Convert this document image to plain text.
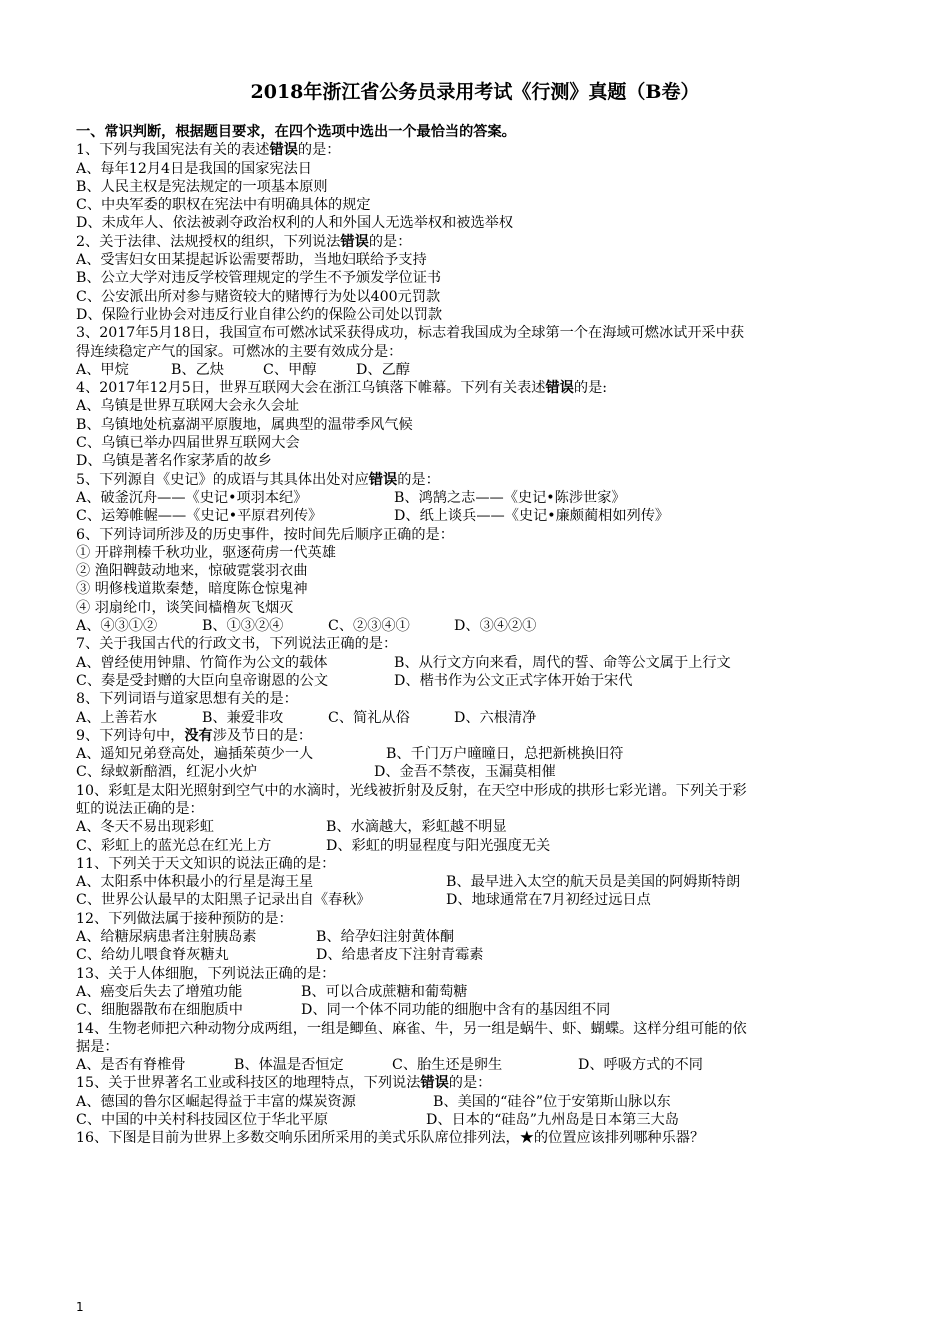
2018年浙江省公务员录用考试《行测》真题（B卷）
一、常识判断，根据题目要求，在四个选项中选出一个最恰当的答案。
1、下列与我国宪法有关的表述错误的是：
A、每年12月4日是我国的国家宪法日
B、人民主权是宪法规定的一项基本原则
C、中央军委的职权在宪法中有明确具体的规定
D、未成年人、依法被剥夺政治权利的人和外国人无选举权和被选举权
2、关于法律、法规授权的组织，下列说法错误的是：
A、受害妇女田某提起诉讼需要帮助，当地妇联给予支持
B、公立大学对违反学校管理规定的学生不予颁发学位证书
C、公安派出所对参与赌资较大的赌博行为处以400元罚款
D、保险行业协会对违反行业自律公约的保险公司处以罚款
3、2017年5月18日，我国宣布可燃冰试采获得成功，标志着我国成为全球第一个在海域可燃冰试开采中获
得连续稳定产气的国家。可燃冰的主要有效成分是：
A、甲烷	B、乙炔	C、甲醇	D、乙醇
4、2017年12月5日，世界互联网大会在浙江乌镇落下帷幕。下列有关表述错误的是:
A、乌镇是世界互联网大会永久会址
B、乌镇地处杭嘉湖平原腹地，属典型的温带季风气候
C、乌镇已举办四届世界互联网大会
D、乌镇是著名作家茅盾的故乡
5、下列源自《史记》的成语与其具体出处对应错误的是：
A、破釜沉舟——《史记•项羽本纪》	B、鸿鹄之志——《史记•陈涉世家》
C、运筹帷幄——《史记•平原君列传》	D、纸上谈兵——《史记•廉颇蔺相如列传》
6、下列诗词所涉及的历史事件，按时间先后顺序正确的是：
① 开辟荆榛千秋功业，驱逐荷虏一代英雄
② 渔阳鞞鼓动地来，惊破霓裳羽衣曲
③ 明修栈道欺秦楚，暗度陈仓惊鬼神
④ 羽扇纶巾，谈笑间樯橹灰飞烟灭
A、④③①②	B、①③②④	C、②③④①	D、③④②①
7、关于我国古代的行政文书，下列说法正确的是：
A、曾经使用钟鼎、竹简作为公文的载体	B、从行文方向来看，周代的誓、命等公文属于上行文
C、奏是受封赠的大臣向皇帝谢恩的公文	D、楷书作为公文正式字体开始于宋代
8、下列词语与道家思想有关的是：
A、上善若水	B、兼爱非攻	C、简礼从俗	D、六根清净
9、下列诗句中，没有涉及节日的是：
A、遥知兄弟登高处，遍插茱萸少一人	B、千门万户曈曈日，总把新桃换旧符
C、绿蚁新醅酒，红泥小火炉	D、金吾不禁夜，玉漏莫相催
10、彩虹是太阳光照射到空气中的水滴时，光线被折射及反射，在天空中形成的拱形七彩光谱。下列关于彩
虹的说法正确的是：
A、冬天不易出现彩虹	B、水滴越大，彩虹越不明显
C、彩虹上的蓝光总在红光上方	D、彩虹的明显程度与阳光强度无关
11、下列关于天文知识的说法正确的是：
A、太阳系中体积最小的行星是海王星	B、最早进入太空的航天员是美国的阿姆斯特朗
C、世界公认最早的太阳黑子记录出自《春秋》	D、地球通常在7月初经过远日点
12、下列做法属于接种预防的是：
A、给糖尿病患者注射胰岛素	B、给孕妇注射黄体酮
C、给幼儿喂食脊灰糖丸	D、给患者皮下注射青霉素
13、关于人体细胞，下列说法正确的是：
A、癌变后失去了增殖功能	B、可以合成蔗糖和葡萄糖
C、细胞器散布在细胞质中	D、同一个体不同功能的细胞中含有的基因组不同
14、生物老师把六种动物分成两组，一组是鲫鱼、麻雀、牛，另一组是蜗牛、虾、蝴蝶。这样分组可能的依
据是：
A、是否有脊椎骨	B、体温是否恒定	C、胎生还是卵生	D、呼吸方式的不同
15、关于世界著名工业或科技区的地理特点，下列说法错误的是：
A、德国的鲁尔区崛起得益于丰富的煤炭资源	B、美国的“硅谷”位于安第斯山脉以东
C、中国的中关村科技园区位于华北平原	D、日本的“硅岛”九州岛是日本第三大岛
16、下图是目前为世界上多数交响乐团所采用的美式乐队席位排列法，★的位置应该排列哪种乐器？
1
